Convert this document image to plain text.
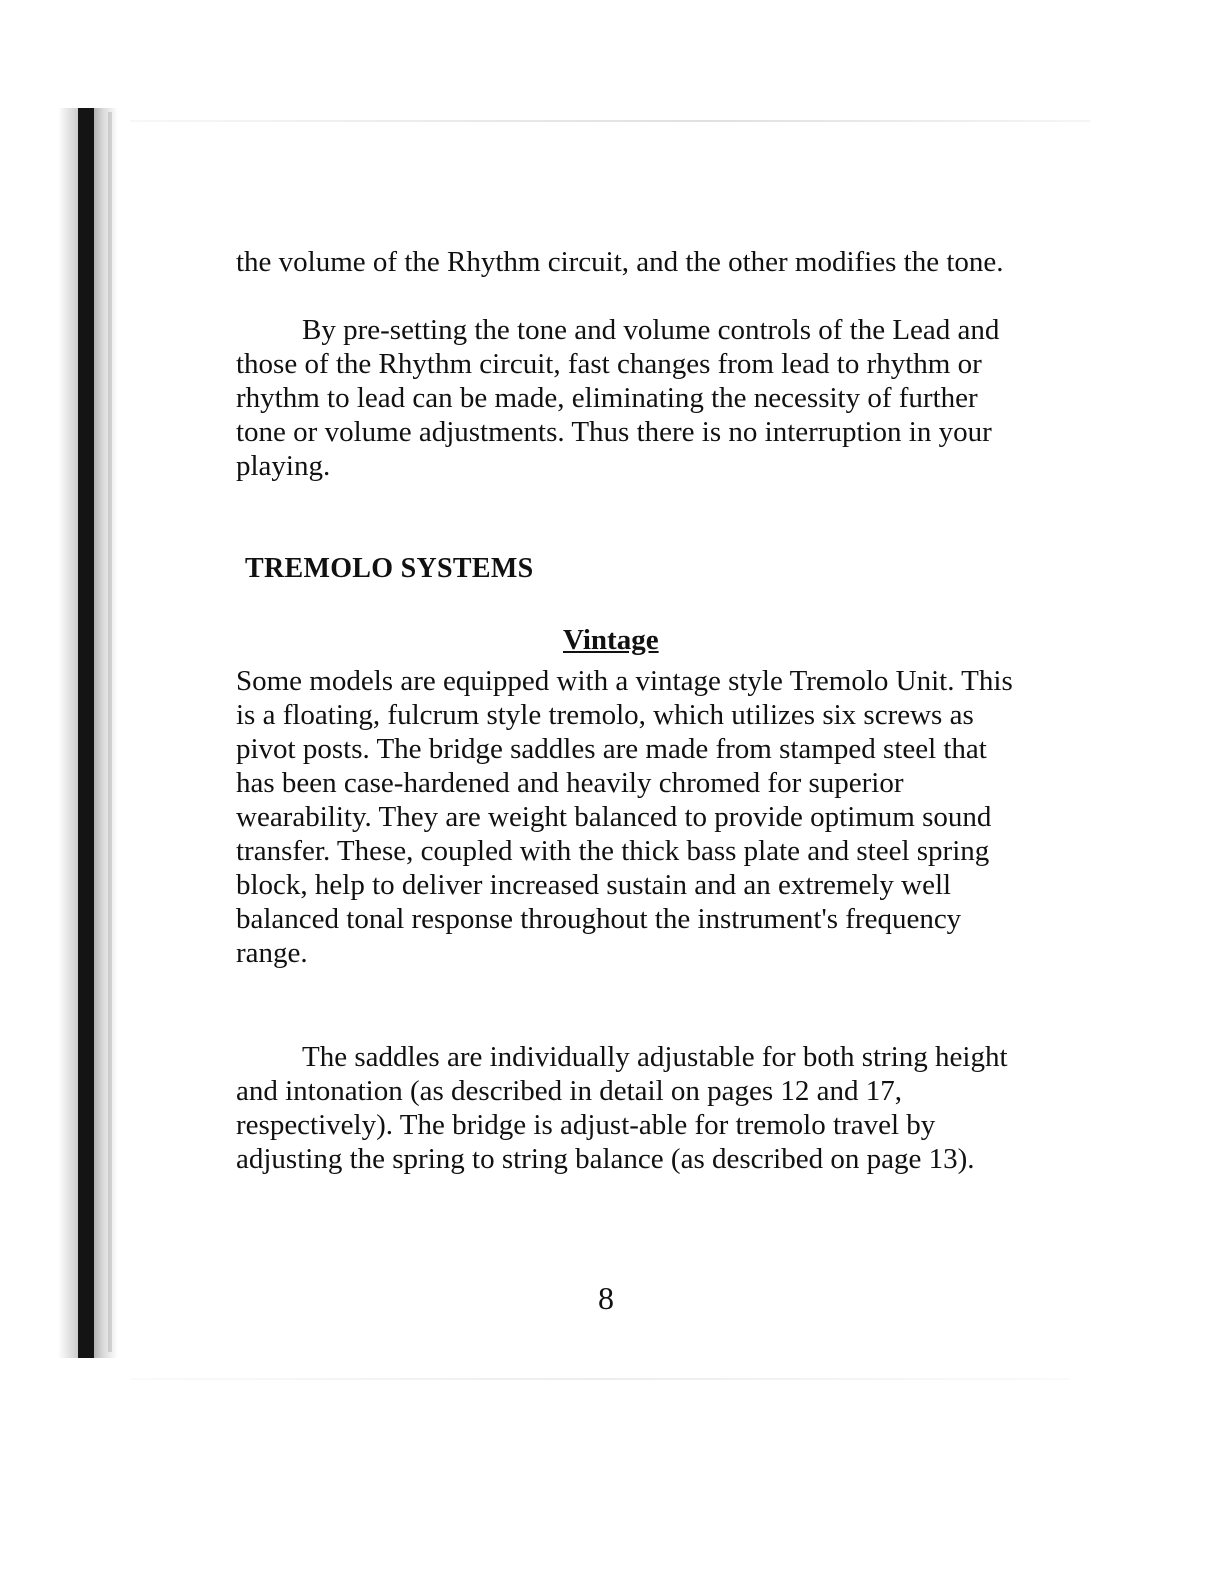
the volume of the Rhythm circuit, and the other modifies the tone.

By pre-setting the tone and volume controls of the Lead and those of the Rhythm circuit, fast changes from lead to rhythm or rhythm to lead can be made, eliminating the necessity of further tone or volume adjustments. Thus there is no interruption in your playing.

TREMOLO SYSTEMS
Vintage

Some models are equipped with a vintage style Tremolo Unit. This is a floating, fulcrum style tremolo, which utilizes six screws as pivot posts. The bridge saddles are made from stamped steel that has been case-hardened and heavily chromed for superior wearability. They are weight balanced to provide optimum sound transfer. These, coupled with the thick bass plate and steel spring block, help to deliver increased sustain and an extremely well balanced tonal response throughout the instrument's frequency range.

The saddles are individually adjustable for both string height and intonation (as described in detail on pages 12 and 17, respectively). The bridge is adjust-able for tremolo travel by adjusting the spring to string balance (as described on page 13).

8
